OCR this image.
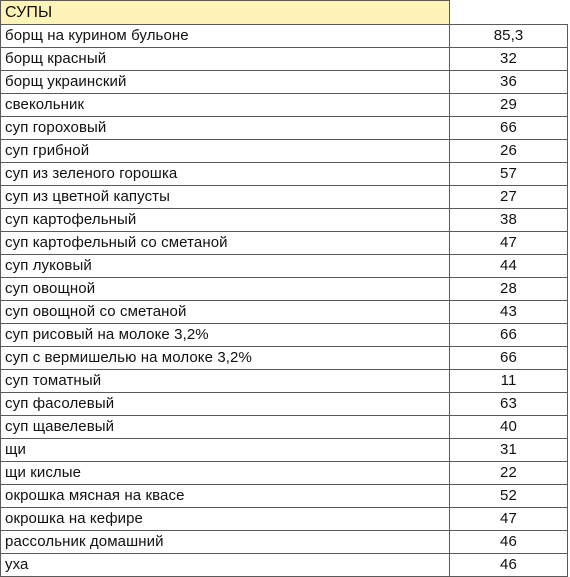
СУПЫ	
борщ на курином бульоне	85,3
борщ красный	32
борщ украинский	36
свекольник	29
суп гороховый	66
суп грибной	26
суп из зеленого горошка	57
суп из цветной капусты	27
суп картофельный	38
суп картофельный со сметаной	47
суп луковый	44
суп овощной	28
суп овощной со сметаной	43
суп рисовый на молоке 3,2%	66
суп с вермишелью на молоке 3,2%	66
суп томатный	11
суп фасолевый	63
суп щавелевый	40
щи	31
щи кислые	22
окрошка мясная на квасе	52
окрошка на кефире	47
рассольник домашний	46
уха	46
